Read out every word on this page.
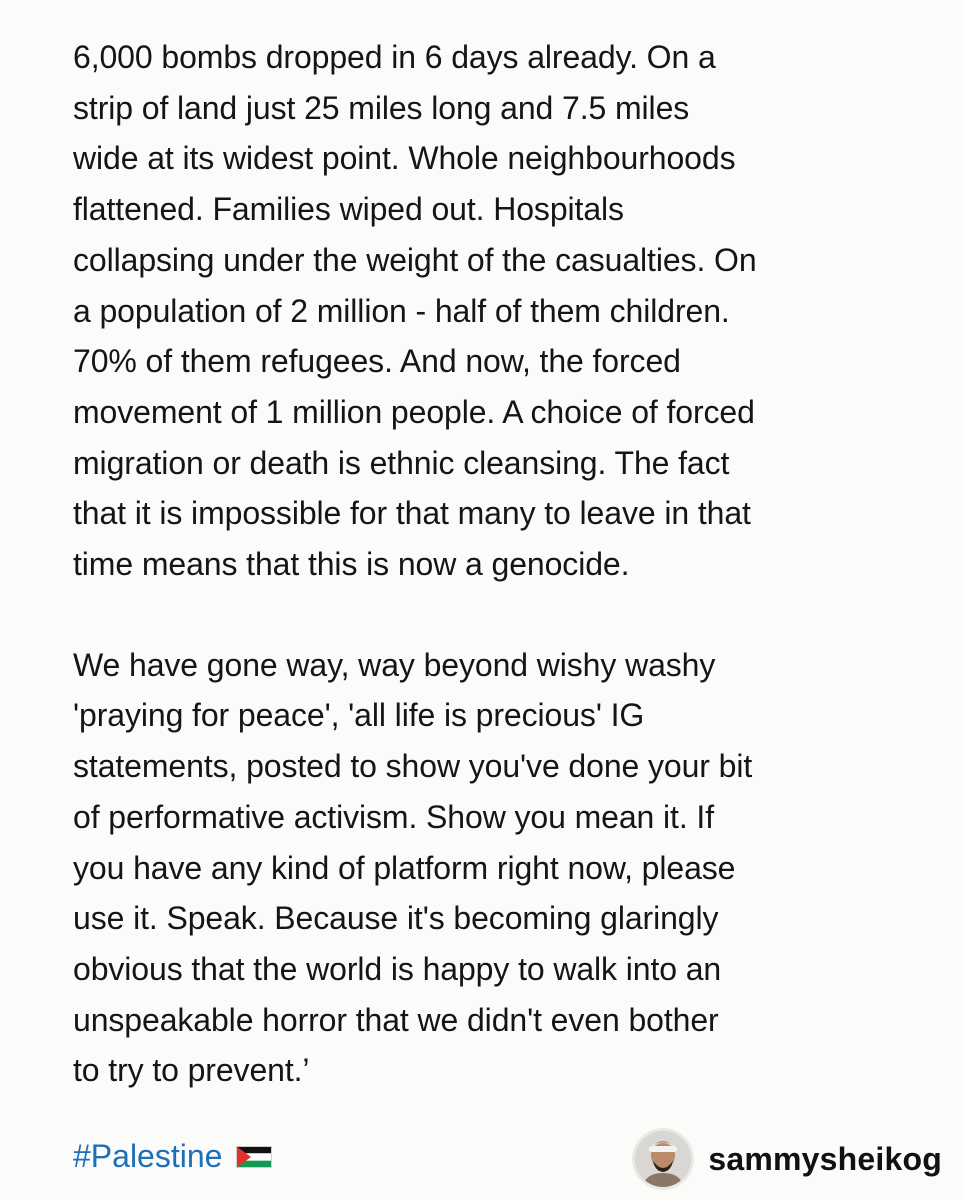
6,000 bombs dropped in 6 days already. On a
strip of land just 25 miles long and 7.5 miles
wide at its widest point. Whole neighbourhoods
flattened. Families wiped out. Hospitals
collapsing under the weight of the casualties. On
a population of 2 million - half of them children.
70% of them refugees. And now, the forced
movement of 1 million people. A choice of forced
migration or death is ethnic cleansing. The fact
that it is impossible for that many to leave in that
time means that this is now a genocide.

We have gone way, way beyond wishy washy
'praying for peace', 'all life is precious' IG
statements, posted to show you've done your bit
of performative activism. Show you mean it. If
you have any kind of platform right now, please
use it. Speak. Because it's becoming glaringly
obvious that the world is happy to walk into an
unspeakable horror that we didn't even bother
to try to prevent.’

#Palestine	sammysheikog
